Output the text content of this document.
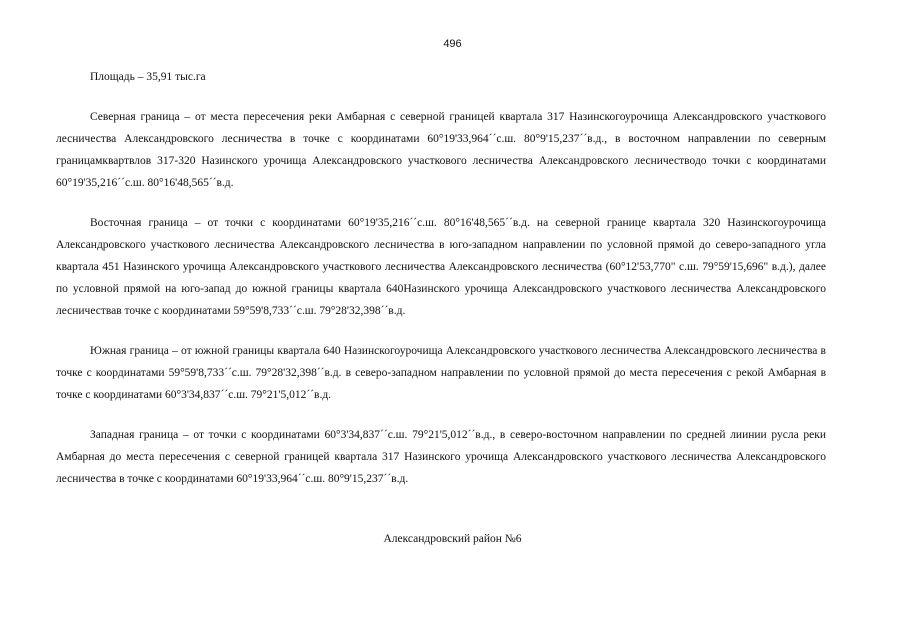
496

Площадь – 35,91 тыс.га

Северная граница – от места пересечения реки Амбарная с северной границей квартала 317 Назинскогоурочища Александровского участкового лесничества Александровского лесничества в точке с координатами 60°19'33,964´´с.ш. 80°9'15,237´´в.д., в восточном направлении по северным границамквартвлов 317-320 Назинского урочища Александровского участкового лесничества Александровского лесничестводо точки с координатами 60°19'35,216´´с.ш. 80°16'48,565´´в.д.

Восточная граница – от точки с координатами 60°19'35,216´´с.ш. 80°16'48,565´´в.д. на северной границе квартала 320 Назинскогоурочища Александровского участкового лесничества Александровского лесничества в юго-западном направлении по условной прямой до северо-западного угла квартала 451 Назинского урочища Александровского участкового лесничества Александровского лесничества (60°12'53,770" с.ш. 79°59'15,696" в.д.), далее по условной прямой на юго-запад до южной границы квартала 640Назинского урочища Александровского участкового лесничества Александровского лесничествав точке с координатами 59°59'8,733´´с.ш. 79°28'32,398´´в.д.

Южная граница – от южной границы квартала 640 Назинскогоурочища Александровского участкового лесничества Александровского лесничества в точке с координатами 59°59'8,733´´с.ш. 79°28'32,398´´в.д. в северо-западном направлении по условной прямой до места пересечения с рекой Амбарная в точке с координатами 60°3'34,837´´с.ш. 79°21'5,012´´в.д.

Западная граница – от точки с координатами 60°3'34,837´´с.ш. 79°21'5,012´´в.д., в северо-восточном направлении по средней лиинии русла реки Амбарная до места пересечения с северной границей квартала 317 Назинского урочища Александровского участкового лесничества Александровского лесничества в точке с координатами 60°19'33,964´´с.ш. 80°9'15,237´´в.д.

Александровский район №6
